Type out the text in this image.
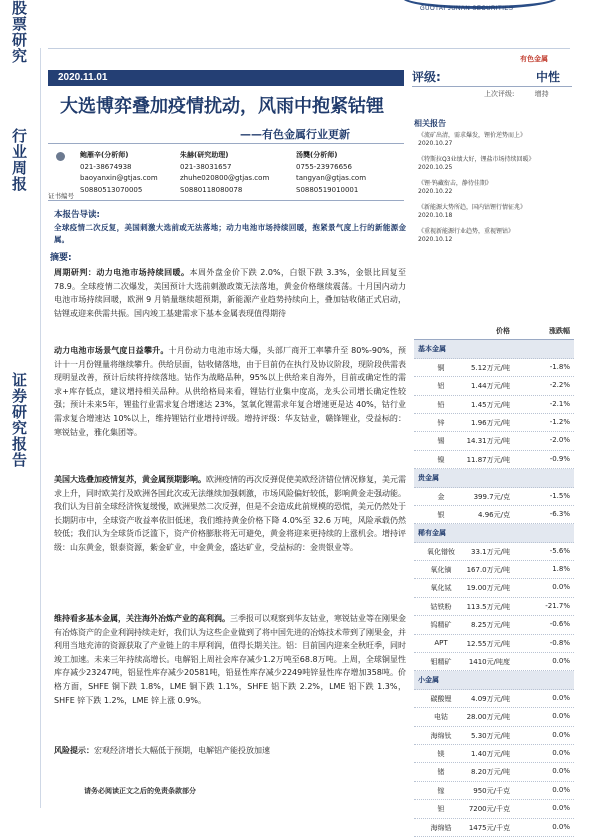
股票研究
行业周报
证券研究报告
GUOTAI JUNAN SECURITIES
有色金属
2020.11.01
大选博弈叠加疫情扰动，风雨中抱紧钴锂
——有色金属行业更新
鲍雁辛(分析师)
021-38674938
baoyanxin@gtjas.com
S0880513070005
朱赫(研究助理)
021-38031657
zhuhe020800@gtjas.com
S0880118080078
汤龑(分析师)
0755-23976656
tangyan@gtjas.com
S0880519010001
证书编号
评级:	中性
上次评级:	增持
相关报告
《流矿出清，需求爆发，锂价逆势而上》
2020.10.27
《特斯拉Q3业绩大好，锂盐市场持续回暖》
2020.10.25
《锂·钨藏衔击，静待佳期》
2020.10.22
《新能源大势所趋，国内钴锂行情征兆》
2020.10.18
《重视新能源行业趋势，重视锂钴》
2020.10.12
本报告导读:
全球疫情二次反复，美国刺激大选前或无法落地；动力电池市场持续回暖，抱紧景气度上行的新能源金属。
摘要:
周期研判：动力电池市场持续回暖。本周外盘金价下跌 2.0%，白银下跌 3.3%，金银比回复至 78.9。全球疫情二次爆发，美国预计大选前刺激政策无法落地，黄金价格继续震荡。十月国内动力电池市场持续回暖，欧洲 9 月销量继续超预期，新能源产业趋势持续向上，叠加钴收储正式启动，钴锂或迎来供需共振。国内竣工基建需求下基本金属表现值得期待
动力电池市场景气度日益攀升。十月份动力电池市场大爆，头部厂商开工率攀升至 80%-90%，预计十一月份锂量将继续攀升。供给层面，钴收储落地，由于目前仍在执行及协议阶段，现阶段供需表现明显改善，预计后续将持续落地。钴作为战略品种，95%以上供给来自海外，目前或确定性的需求+库存低点，建议增持相关品种。从供给格局来看，锂钴行业集中度高，龙头公司增长确定性较强；预计未来5年，锂盐行业需求复合增速达 23%，氢氧化锂需求年复合增速更是达 40%，钴行业需求复合增速达 10%以上，维持锂钴行业增持评级。增持评级：华友钴业，赣锋锂业，受益标的：寒锐钴业，雅化集团等。
美国大选叠加疫情复苏，黄金属预期影响。欧洲疫情的再次反弹促使美欧经济错位情况修复，美元需求上升，同时欧美行及欧洲各国此次或无法继续加强刺激，市场风险偏好较低，影响黄金走强动能。我们认为目前全球经济恢复缓慢，欧洲果然二次反弹，但是不会造成此前规模的恐慌，美元仍然处于长期阴市中，全球资产收益率依旧低迷，我们维持黄金价格下降 4.0%至 32.6 万吨，风险承载仍然较低；我们认为全球货币泛滥下，资产价格膨胀将无可避免，黄金将迎来更持续的上涨机会。增持评级：山东黄金，银泰资源，紫金矿业，中金黄金，盛达矿业，受益标的：金贵银业等。
维持看多基本金属，关注海外冶炼产业的高利润。三季报可以观察到华友钴业，寒锐钴业等在刚果金有冶炼资产的企业利润持续走好，我们认为这些企业做到了将中国先进的冶炼技术带到了刚果金，并利用当地充沛的资源获取了产业链上的丰厚利润，值得长期关注。铝：目前国内迎来全秋旺季，同时竣工加速。未来三年持续高增长。电解铝上周社会库存减少1.2万吨至68.8万吨。上周，全球铜显性库存减少23247吨，铝显性库存减少20581吨，铅显性库存减少2249吨锌显性库存增加358吨。价格方面，SHFE 铜下跌 1.8%，LME 铜下跌 1.1%，SHFE 铝下跌 2.2%，LME 铝下跌 1.3%，SHFE 锌下跌 1.2%，LME 锌上涨 0.9%。
风险提示：宏观经济增长大幅低于预期，电解铝产能投放加速
价格	涨跌幅
基本金属
铜	5.12万元/吨	-1.8%
铝	1.44万元/吨	-2.2%
铅	1.45万元/吨	-2.1%
锌	1.96万元/吨	-1.2%
锡	14.31万元/吨	-2.0%
镍	11.87万元/吨	-0.9%
贵金属
金	399.7元/克	-1.5%
银	4.96元/克	-6.3%
稀有金属
氧化镨钕	33.1万元/吨	-5.6%
氧化镝	167.0万元/吨	1.8%
氧化铽	19.00万元/吨	0.0%
钴铁粉	113.5万元/吨	-21.7%
钨精矿	8.25万元/吨	-0.6%
APT	12.55万元/吨	-0.8%
钼精矿	1410元/吨度	0.0%
小金属
碳酸锂	4.09万元/吨	0.0%
电钴	28.00万元/吨	0.0%
海绵钛	5.30万元/吨	0.0%
镁	1.40万元/吨	0.0%
锗	8.20万元/吨	0.0%
镓	950元/千克	0.0%
钽	7200元/千克	0.0%
海绵锆	1475元/千克	0.0%
请务必阅读正文之后的免责条款部分
